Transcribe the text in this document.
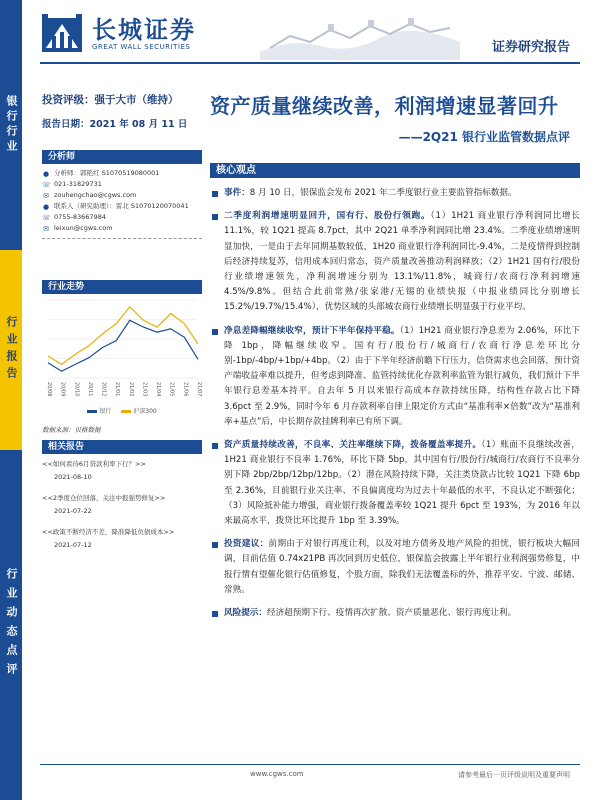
银行行业
行业报告
行业动态点评
长城证券
GREAT WALL SECURITIES	证券研究报告
投资评级：强于大市（维持）
报告日期：2021 年 08 月 11 日
资产质量继续改善，利润增速显著回升
——2Q21 银行业监管数据点评
分析师
● 分析师：郭艳红 S1070519080001
☏ 021-31829731
✉ zouhengchao@cgws.com
● 联系人（研究助理）：雷北 S1070120070041
☏ 0755-83667984
✉ leixun@cgws.com
行业走势
20/08 20/09 20/10 20/11 20/12 21/01 21/02 21/03 21/04 21/05 21/06 21/07
银行	沪深300
数据来源：贝格数据
相关报告
<<如何看待6月贷款利率下行？>>
2021-08-10
<<2季度仓位回落，关注中报强势修复>>
2021-07-22
<<政策不断经济不差，降准降低负债成本>>
2021-07-12
核心观点
事件：8 月 10 日，银保监会发布 2021 年二季度银行业主要监管指标数据。
二季度利润增速明显回升，国有行、股份行领跑。（1）1H21 商业银行净利润同比增长 11.1%，较 1Q21 提高 8.7pct，其中 2Q21 单季净利润同比增 23.4%。二季度业绩增速明显加快，一是由于去年同期基数较低，1H20 商业银行净利润同比-9.4%，二是疫情得到控制后经济持续复苏，信用成本回归常态，资产质量改善推动利润释放；（2）1H21 国有行/股份行业绩增速领先，净利润增速分别为 13.1%/11.8%，城商行/农商行净利润增速 4.5%/9.8%。但结合此前常熟/张家港/无锡的业绩快报（中报业绩同比分别增长 15.2%/19.7%/15.4%），优势区域的头部城农商行业绩增长明显强于行业平均。
净息差降幅继续收窄，预计下半年保持平稳。（1）1H21 商业银行净息差为 2.06%，环比下降 1bp，降幅继续收窄。国有行/股份行/城商行/农商行净息差环比分别-1bp/-4bp/+1bp/+4bp。（2）由于下半年经济前瞻下行压力，信贷需求也会回落，预计资产端收益率难以提升，但考虑到降准、监管持续优化存款利率监管为银行减负，我们预计下半年银行息差基本持平。自去年 5 月以来银行高成本存款持续压降，结构性存款占比下降 3.6pct 至 2.9%，同时今年 6 月存款利率自律上限定价方式由“基准利率×倍数”改为“基准利率+基点”后，中长期存款挂牌利率已有所下调。
资产质量持续改善，不良率、关注率继续下降，拨备覆盖率提升。（1）账面不良继续改善，1H21 商业银行不良率 1.76%，环比下降 5bp，其中国有行/股份行/城商行/农商行不良率分别下降 2bp/2bp/12bp/12bp。（2）潜在风险持续下降，关注类贷款占比较 1Q21 下降 6bp 至 2.36%，目前银行业关注率、不良偏离度均为过去十年最低的水平，不良认定不断强化；（3）风险抵补能力增强，商业银行拨备覆盖率较 1Q21 提升 6pct 至 193%，为 2016 年以来最高水平，拨贷比环比提升 1bp 至 3.39%。
投资建议：前期由于对银行再度让利，以及对地方债务及地产风险的担忧，银行板块大幅回调，目前估值 0.74x21PB 再次回到历史低位，银保监会披露上半年银行业利润强势修复，中报行情有望催化银行估值修复，个股方面，除我们无法覆盖标的外，推荐平安、宁波、邮储、常熟。
风险提示：经济超预期下行、疫情再次扩散、资产质量恶化、银行再度让利。
www.cgws.com	请参考最后一页评级说明及重要声明
